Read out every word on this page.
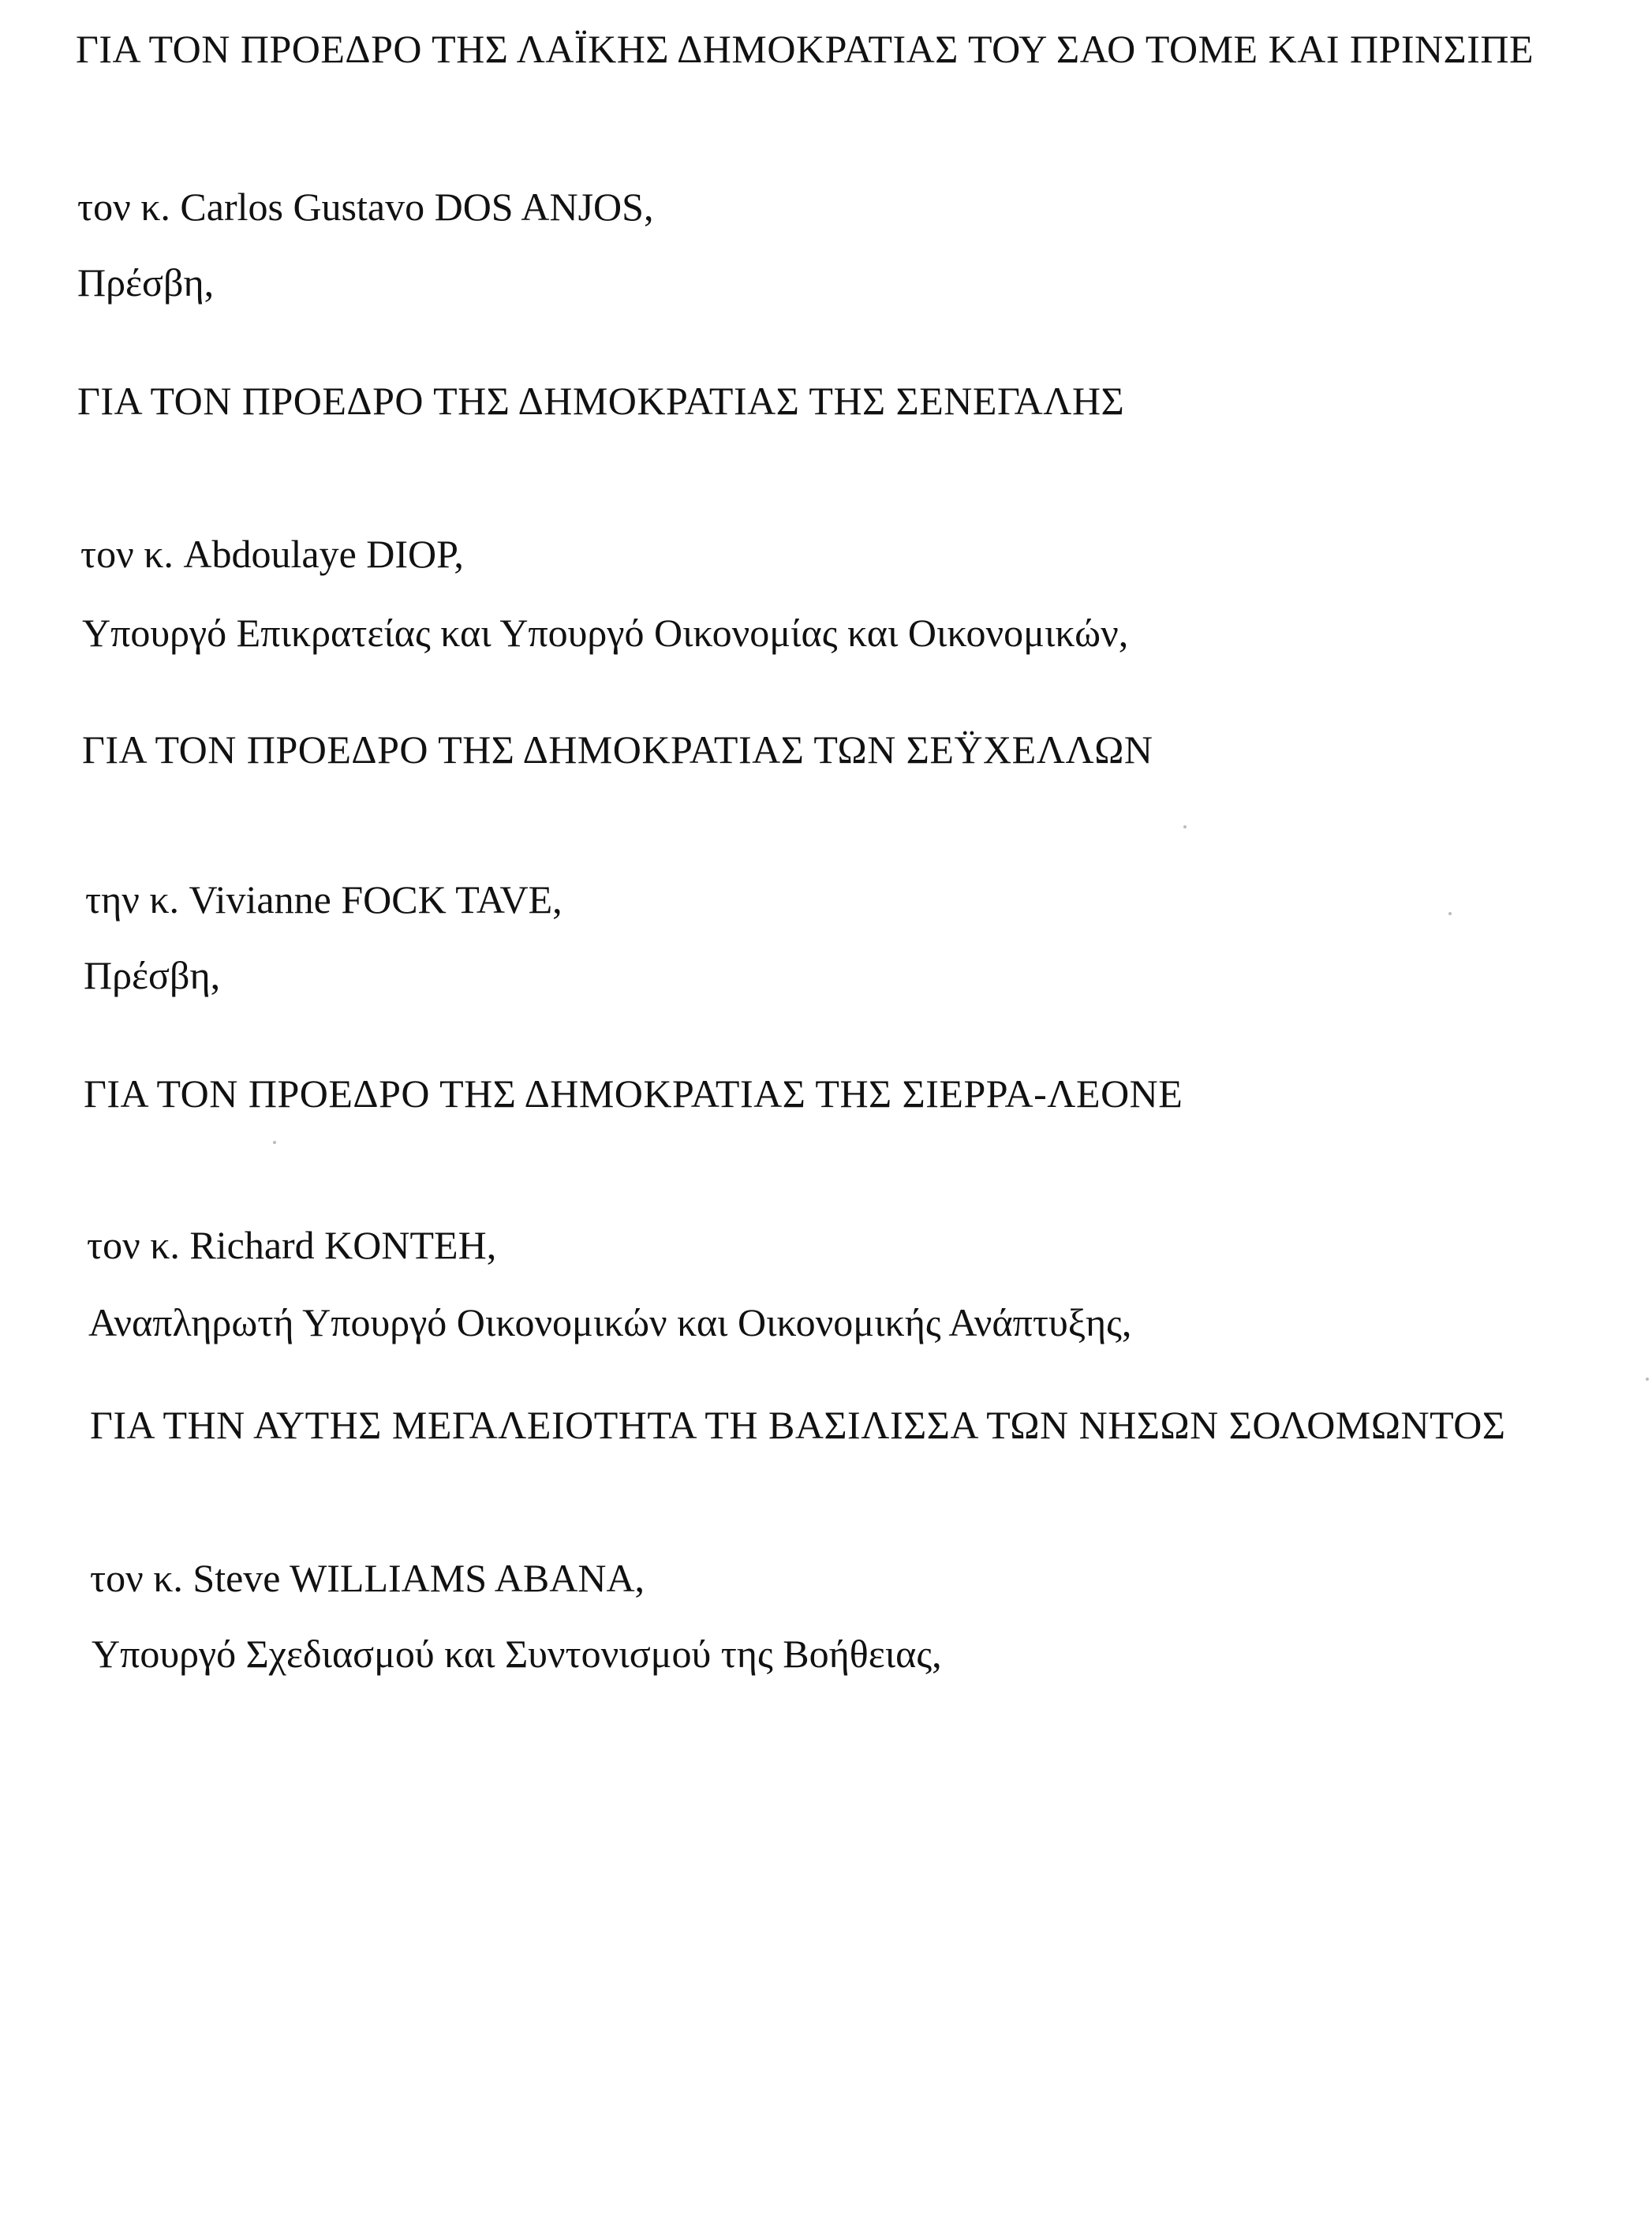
ΓΙΑ ΤΟΝ ΠΡΟΕΔΡΟ ΤΗΣ ΛΑΪΚΗΣ ΔΗΜΟΚΡΑΤΙΑΣ ΤΟΥ ΣΑΟ ΤΟΜΕ ΚΑΙ ΠΡΙΝΣΙΠΕ
τον κ. Carlos Gustavo DOS ANJOS,
Πρέσβη,
ΓΙΑ ΤΟΝ ΠΡΟΕΔΡΟ ΤΗΣ ΔΗΜΟΚΡΑΤΙΑΣ ΤΗΣ ΣΕΝΕΓΑΛΗΣ
τον κ. Abdoulaye DIOP,
Υπουργό Επικρατείας και Υπουργό Οικονομίας και Οικονομικών,
ΓΙΑ ΤΟΝ ΠΡΟΕΔΡΟ ΤΗΣ ΔΗΜΟΚΡΑΤΙΑΣ ΤΩΝ ΣΕΫΧΕΛΛΩΝ
την κ. Vivianne FOCK TAVE,
Πρέσβη,
ΓΙΑ ΤΟΝ ΠΡΟΕΔΡΟ ΤΗΣ ΔΗΜΟΚΡΑΤΙΑΣ ΤΗΣ ΣΙΕΡΡΑ-ΛΕΟΝΕ
τον κ. Richard KONTEH,
Αναπληρωτή Υπουργό Οικονομικών και Οικονομικής Ανάπτυξης,
ΓΙΑ ΤΗΝ ΑΥΤΗΣ ΜΕΓΑΛΕΙΟΤΗΤΑ ΤΗ ΒΑΣΙΛΙΣΣΑ ΤΩΝ ΝΗΣΩΝ ΣΟΛΟΜΩΝΤΟΣ
τον κ. Steve WILLIAMS ABANA,
Υπουργό Σχεδιασμού και Συντονισμού της Βοήθειας,
